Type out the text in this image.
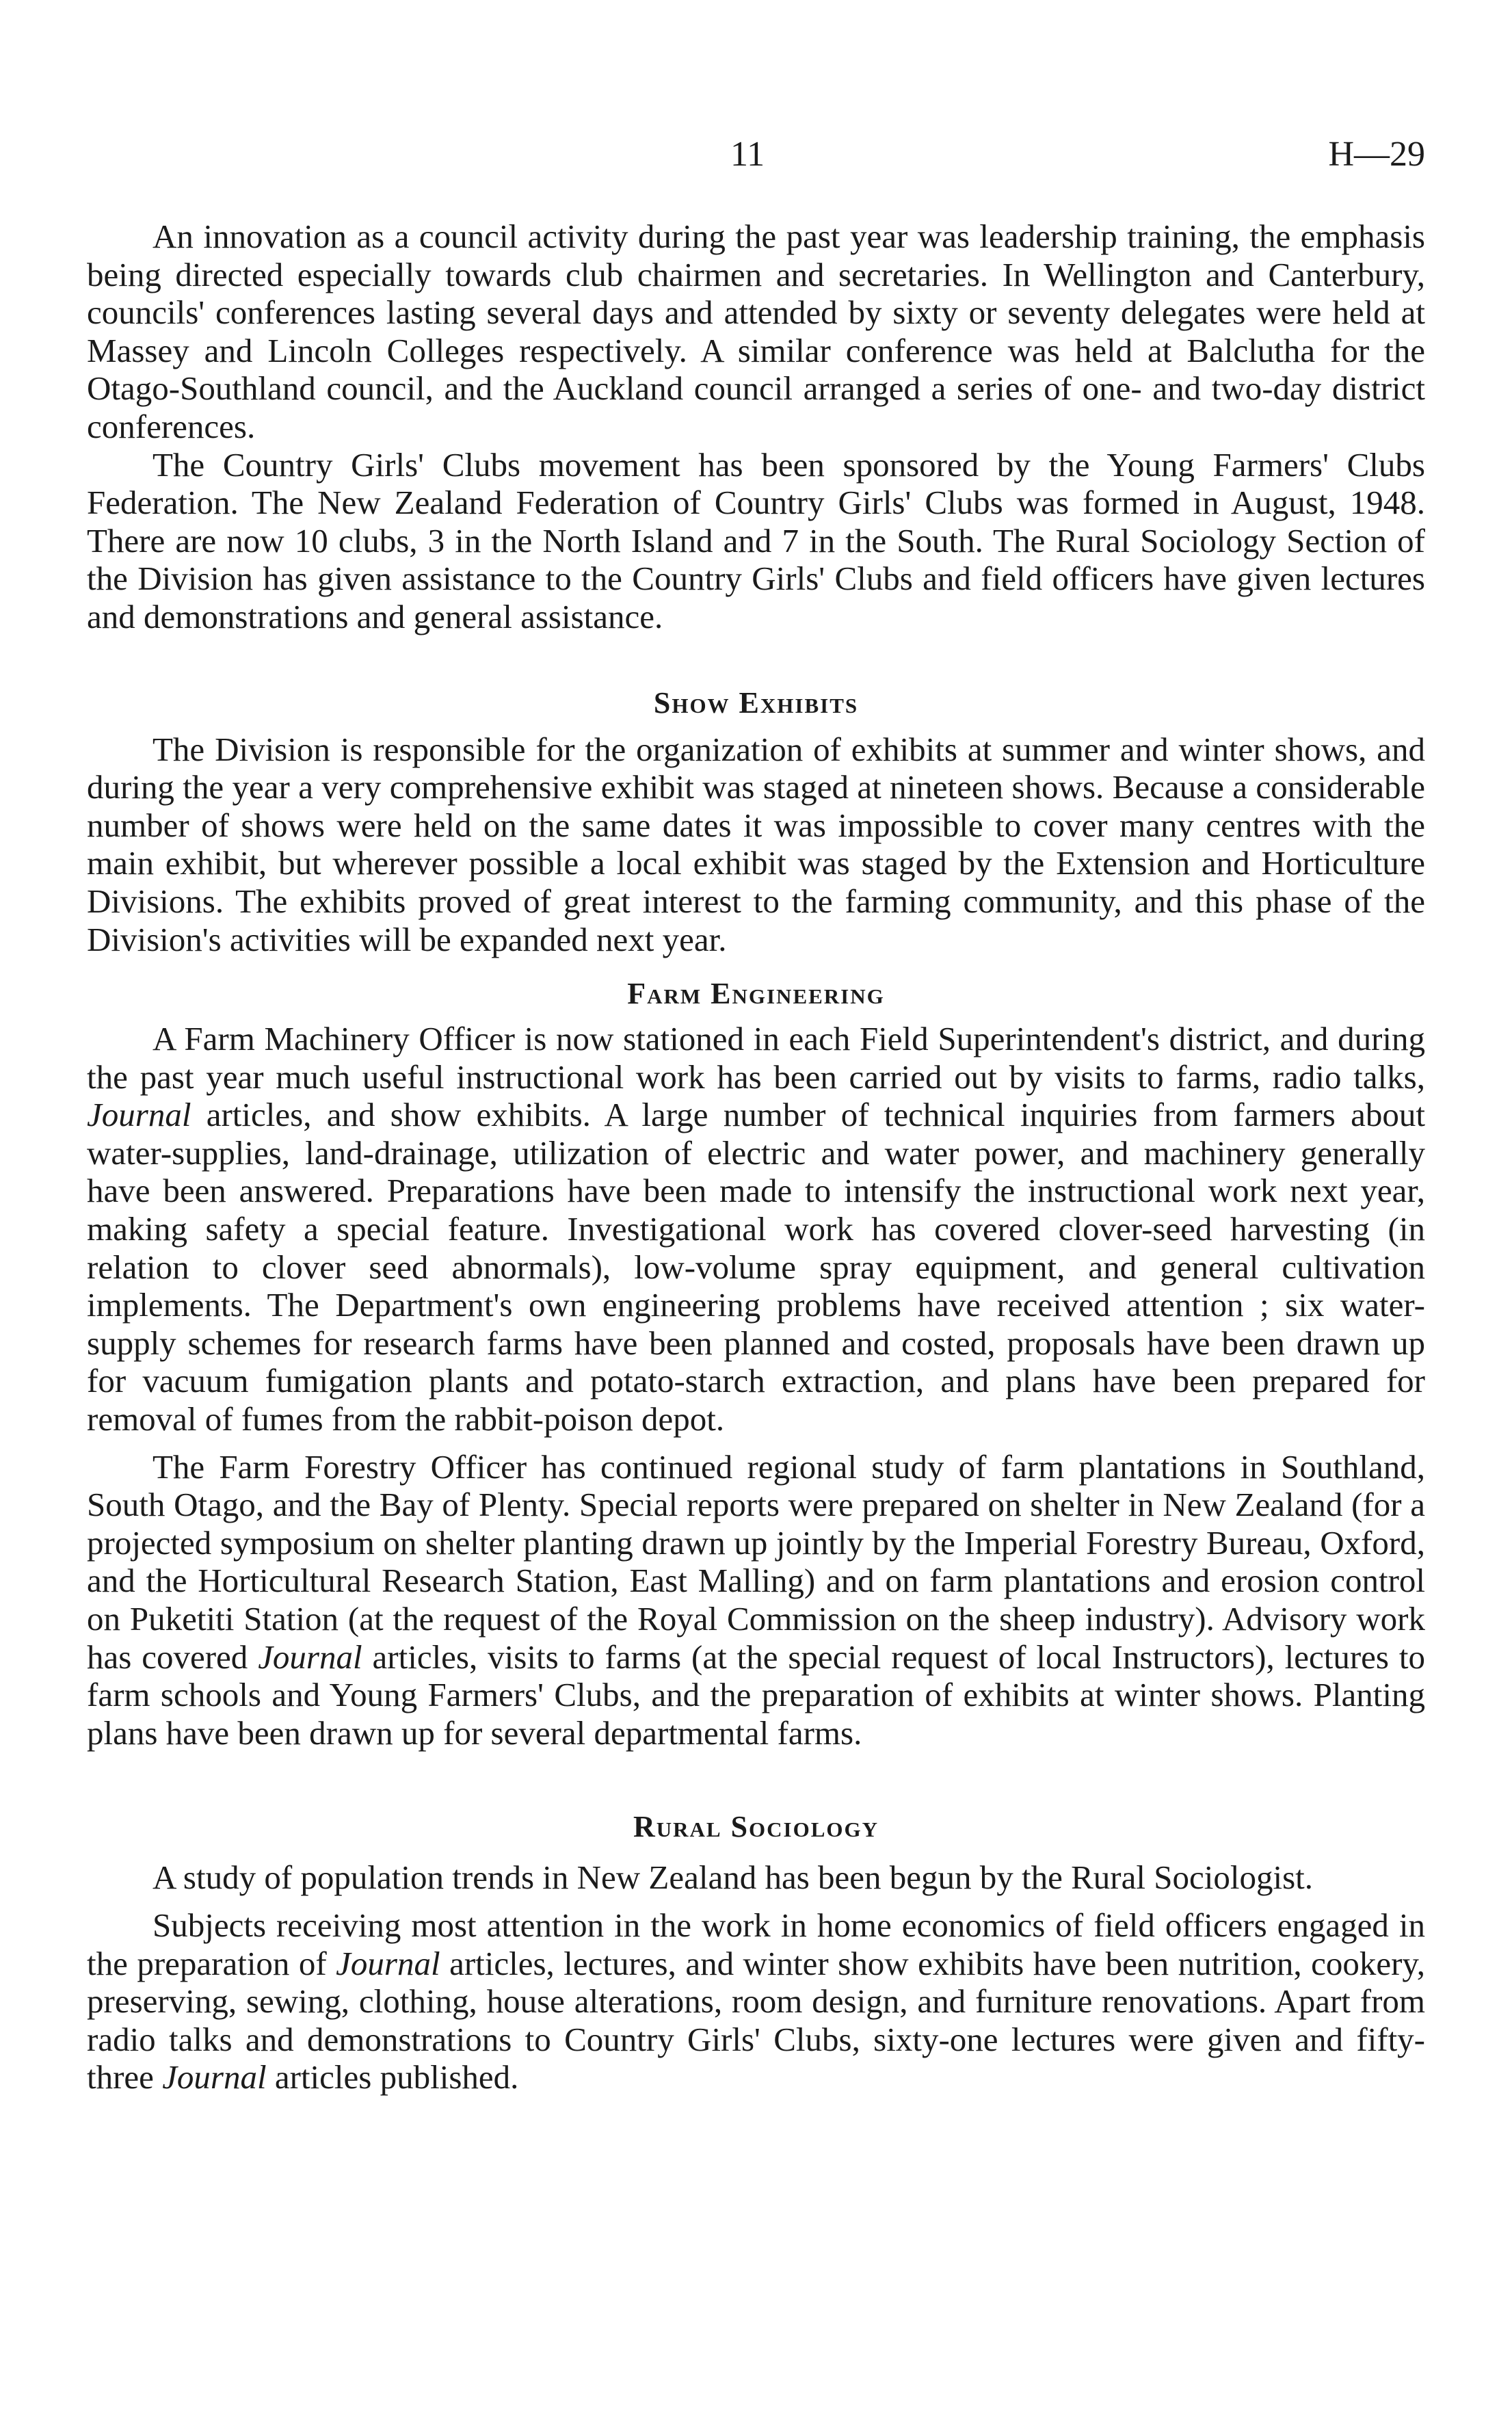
11	H—29

An innovation as a council activity during the past year was leadership training, the emphasis being directed especially towards club chairmen and secretaries. In Wellington and Canterbury, councils' conferences lasting several days and attended by sixty or seventy delegates were held at Massey and Lincoln Colleges respectively. A similar conference was held at Balclutha for the Otago-Southland council, and the Auckland council arranged a series of one- and two-day district conferences.

The Country Girls' Clubs movement has been sponsored by the Young Farmers' Clubs Federation. The New Zealand Federation of Country Girls' Clubs was formed in August, 1948. There are now 10 clubs, 3 in the North Island and 7 in the South. The Rural Sociology Section of the Division has given assistance to the Country Girls' Clubs and field officers have given lectures and demonstrations and general assistance.

Show Exhibits

The Division is responsible for the organization of exhibits at summer and winter shows, and during the year a very comprehensive exhibit was staged at nineteen shows. Because a considerable number of shows were held on the same dates it was impossible to cover many centres with the main exhibit, but wherever possible a local exhibit was staged by the Extension and Horticulture Divisions. The exhibits proved of great interest to the farming community, and this phase of the Division's activities will be expanded next year.

Farm Engineering

A Farm Machinery Officer is now stationed in each Field Superintendent's district, and during the past year much useful instructional work has been carried out by visits to farms, radio talks, Journal articles, and show exhibits. A large number of technical inquiries from farmers about water-supplies, land-drainage, utilization of electric and water power, and machinery generally have been answered. Preparations have been made to intensify the instructional work next year, making safety a special feature. Investigational work has covered clover-seed harvesting (in relation to clover seed abnormals), low-volume spray equipment, and general cultivation implements. The Department's own engineering problems have received attention ; six water-supply schemes for research farms have been planned and costed, proposals have been drawn up for vacuum fumigation plants and potato-starch extraction, and plans have been prepared for removal of fumes from the rabbit-poison depot.

The Farm Forestry Officer has continued regional study of farm plantations in Southland, South Otago, and the Bay of Plenty. Special reports were prepared on shelter in New Zealand (for a projected symposium on shelter planting drawn up jointly by the Imperial Forestry Bureau, Oxford, and the Horticultural Research Station, East Malling) and on farm plantations and erosion control on Puketiti Station (at the request of the Royal Commission on the sheep industry). Advisory work has covered Journal articles, visits to farms (at the special request of local Instructors), lectures to farm schools and Young Farmers' Clubs, and the preparation of exhibits at winter shows. Planting plans have been drawn up for several departmental farms.

Rural Sociology

A study of population trends in New Zealand has been begun by the Rural Sociologist.

Subjects receiving most attention in the work in home economics of field officers engaged in the preparation of Journal articles, lectures, and winter show exhibits have been nutrition, cookery, preserving, sewing, clothing, house alterations, room design, and furniture renovations. Apart from radio talks and demonstrations to Country Girls' Clubs, sixty-one lectures were given and fifty-three Journal articles published.
